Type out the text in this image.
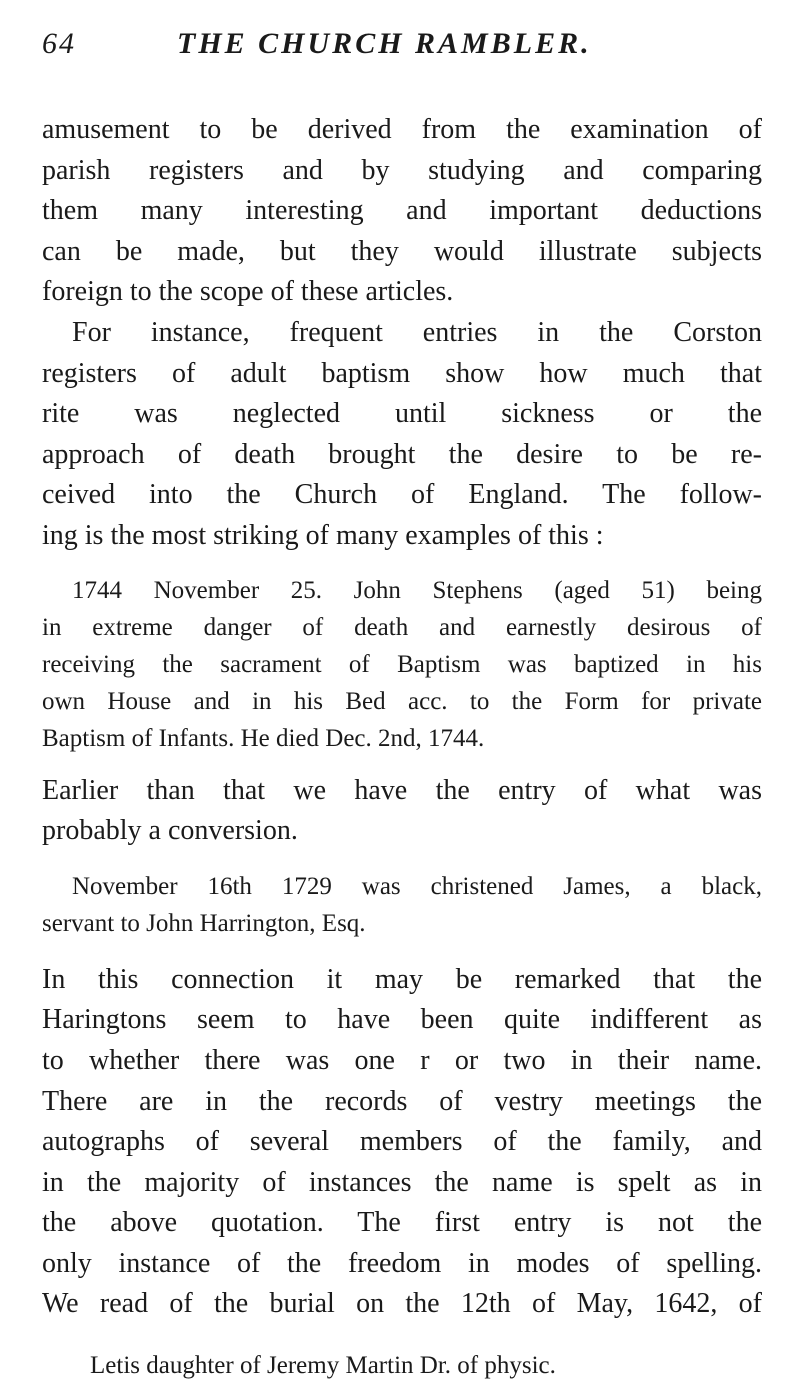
64	THE CHURCH RAMBLER.
amusement to be derived from the examination of
parish registers and by studying and comparing
them many interesting and important deductions
can be made, but they would illustrate subjects
foreign to the scope of these articles.
For instance, frequent entries in the Corston
registers of adult baptism show how much that
rite was neglected until sickness or the
approach of death brought the desire to be re-
ceived into the Church of England. The follow-
ing is the most striking of many examples of this :
1744 November 25. John Stephens (aged 51) being
in extreme danger of death and earnestly desirous of
receiving the sacrament of Baptism was baptized in his
own House and in his Bed acc. to the Form for private
Baptism of Infants. He died Dec. 2nd, 1744.
Earlier than that we have the entry of what was
probably a conversion.
November 16th 1729 was christened James, a black,
servant to John Harrington, Esq.
In this connection it may be remarked that the
Haringtons seem to have been quite indifferent as
to whether there was one r or two in their name.
There are in the records of vestry meetings the
autographs of several members of the family, and
in the majority of instances the name is spelt as in
the above quotation. The first entry is not the
only instance of the freedom in modes of spelling.
We read of the burial on the 12th of May, 1642, of
Letis daughter of Jeremy Martin Dr. of physic.
